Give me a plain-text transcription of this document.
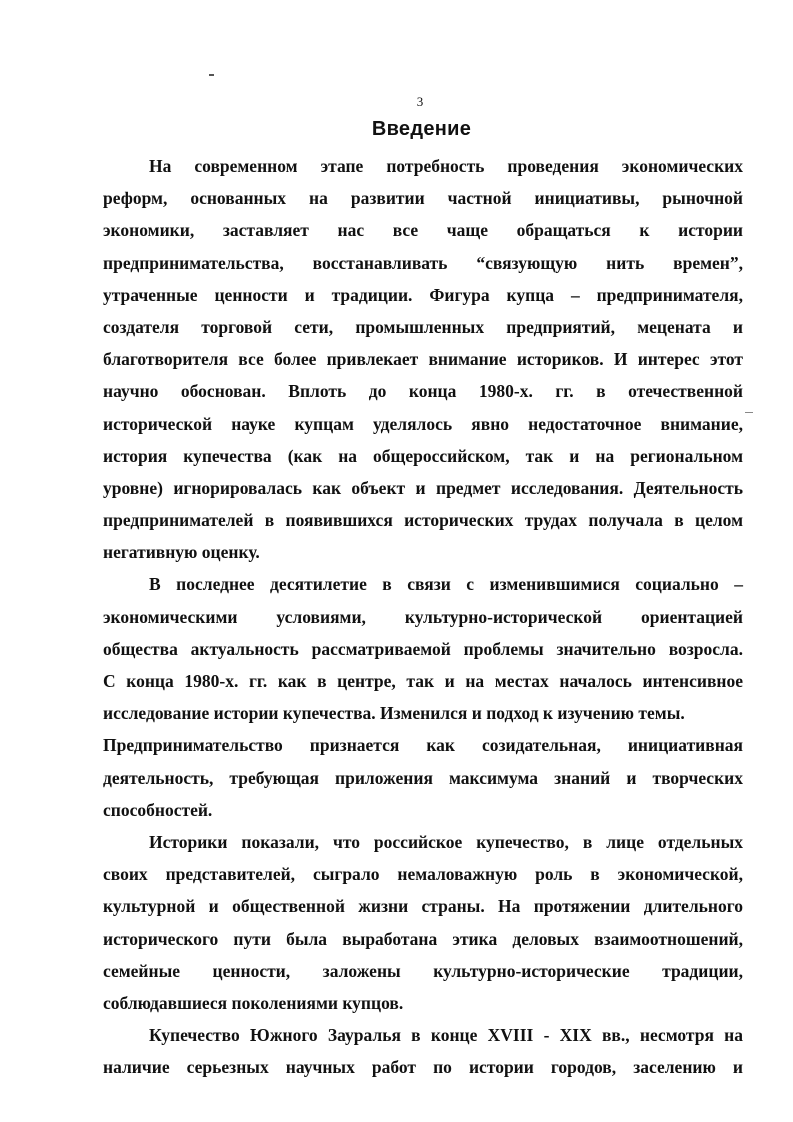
3
Введение
На современном этапе потребность проведения экономических
реформ, основанных на развитии частной инициативы, рыночной
экономики, заставляет нас все чаще обращаться к истории
предпринимательства, восстанавливать “связующую нить времен”,
утраченные ценности и традиции. Фигура купца – предпринимателя,
создателя торговой сети, промышленных предприятий, мецената и
благотворителя все более привлекает внимание историков. И интерес этот
научно обоснован. Вплоть до конца 1980-х. гг. в отечественной
исторической науке купцам уделялось явно недостаточное внимание,
история купечества (как на общероссийском, так и на региональном
уровне) игнорировалась как объект и предмет исследования. Деятельность
предпринимателей в появившихся исторических трудах получала в целом
негативную оценку.
В последнее десятилетие в связи с изменившимися социально –
экономическими условиями, культурно-исторической ориентацией
общества актуальность рассматриваемой проблемы значительно возросла.
С конца 1980-х. гг. как в центре, так и на местах началось интенсивное
исследование истории купечества. Изменился и подход к изучению темы.
Предпринимательство признается как созидательная, инициативная
деятельность, требующая приложения максимума знаний и творческих
способностей.
Историки показали, что российское купечество, в лице отдельных
своих представителей, сыграло немаловажную роль в экономической,
культурной и общественной жизни страны. На протяжении длительного
исторического пути была выработана этика деловых взаимоотношений,
семейные ценности, заложены культурно-исторические традиции,
соблюдавшиеся поколениями купцов.
Купечество Южного Зауралья в конце XVIII - XIX вв., несмотря на
наличие серьезных научных работ по истории городов, заселению и
